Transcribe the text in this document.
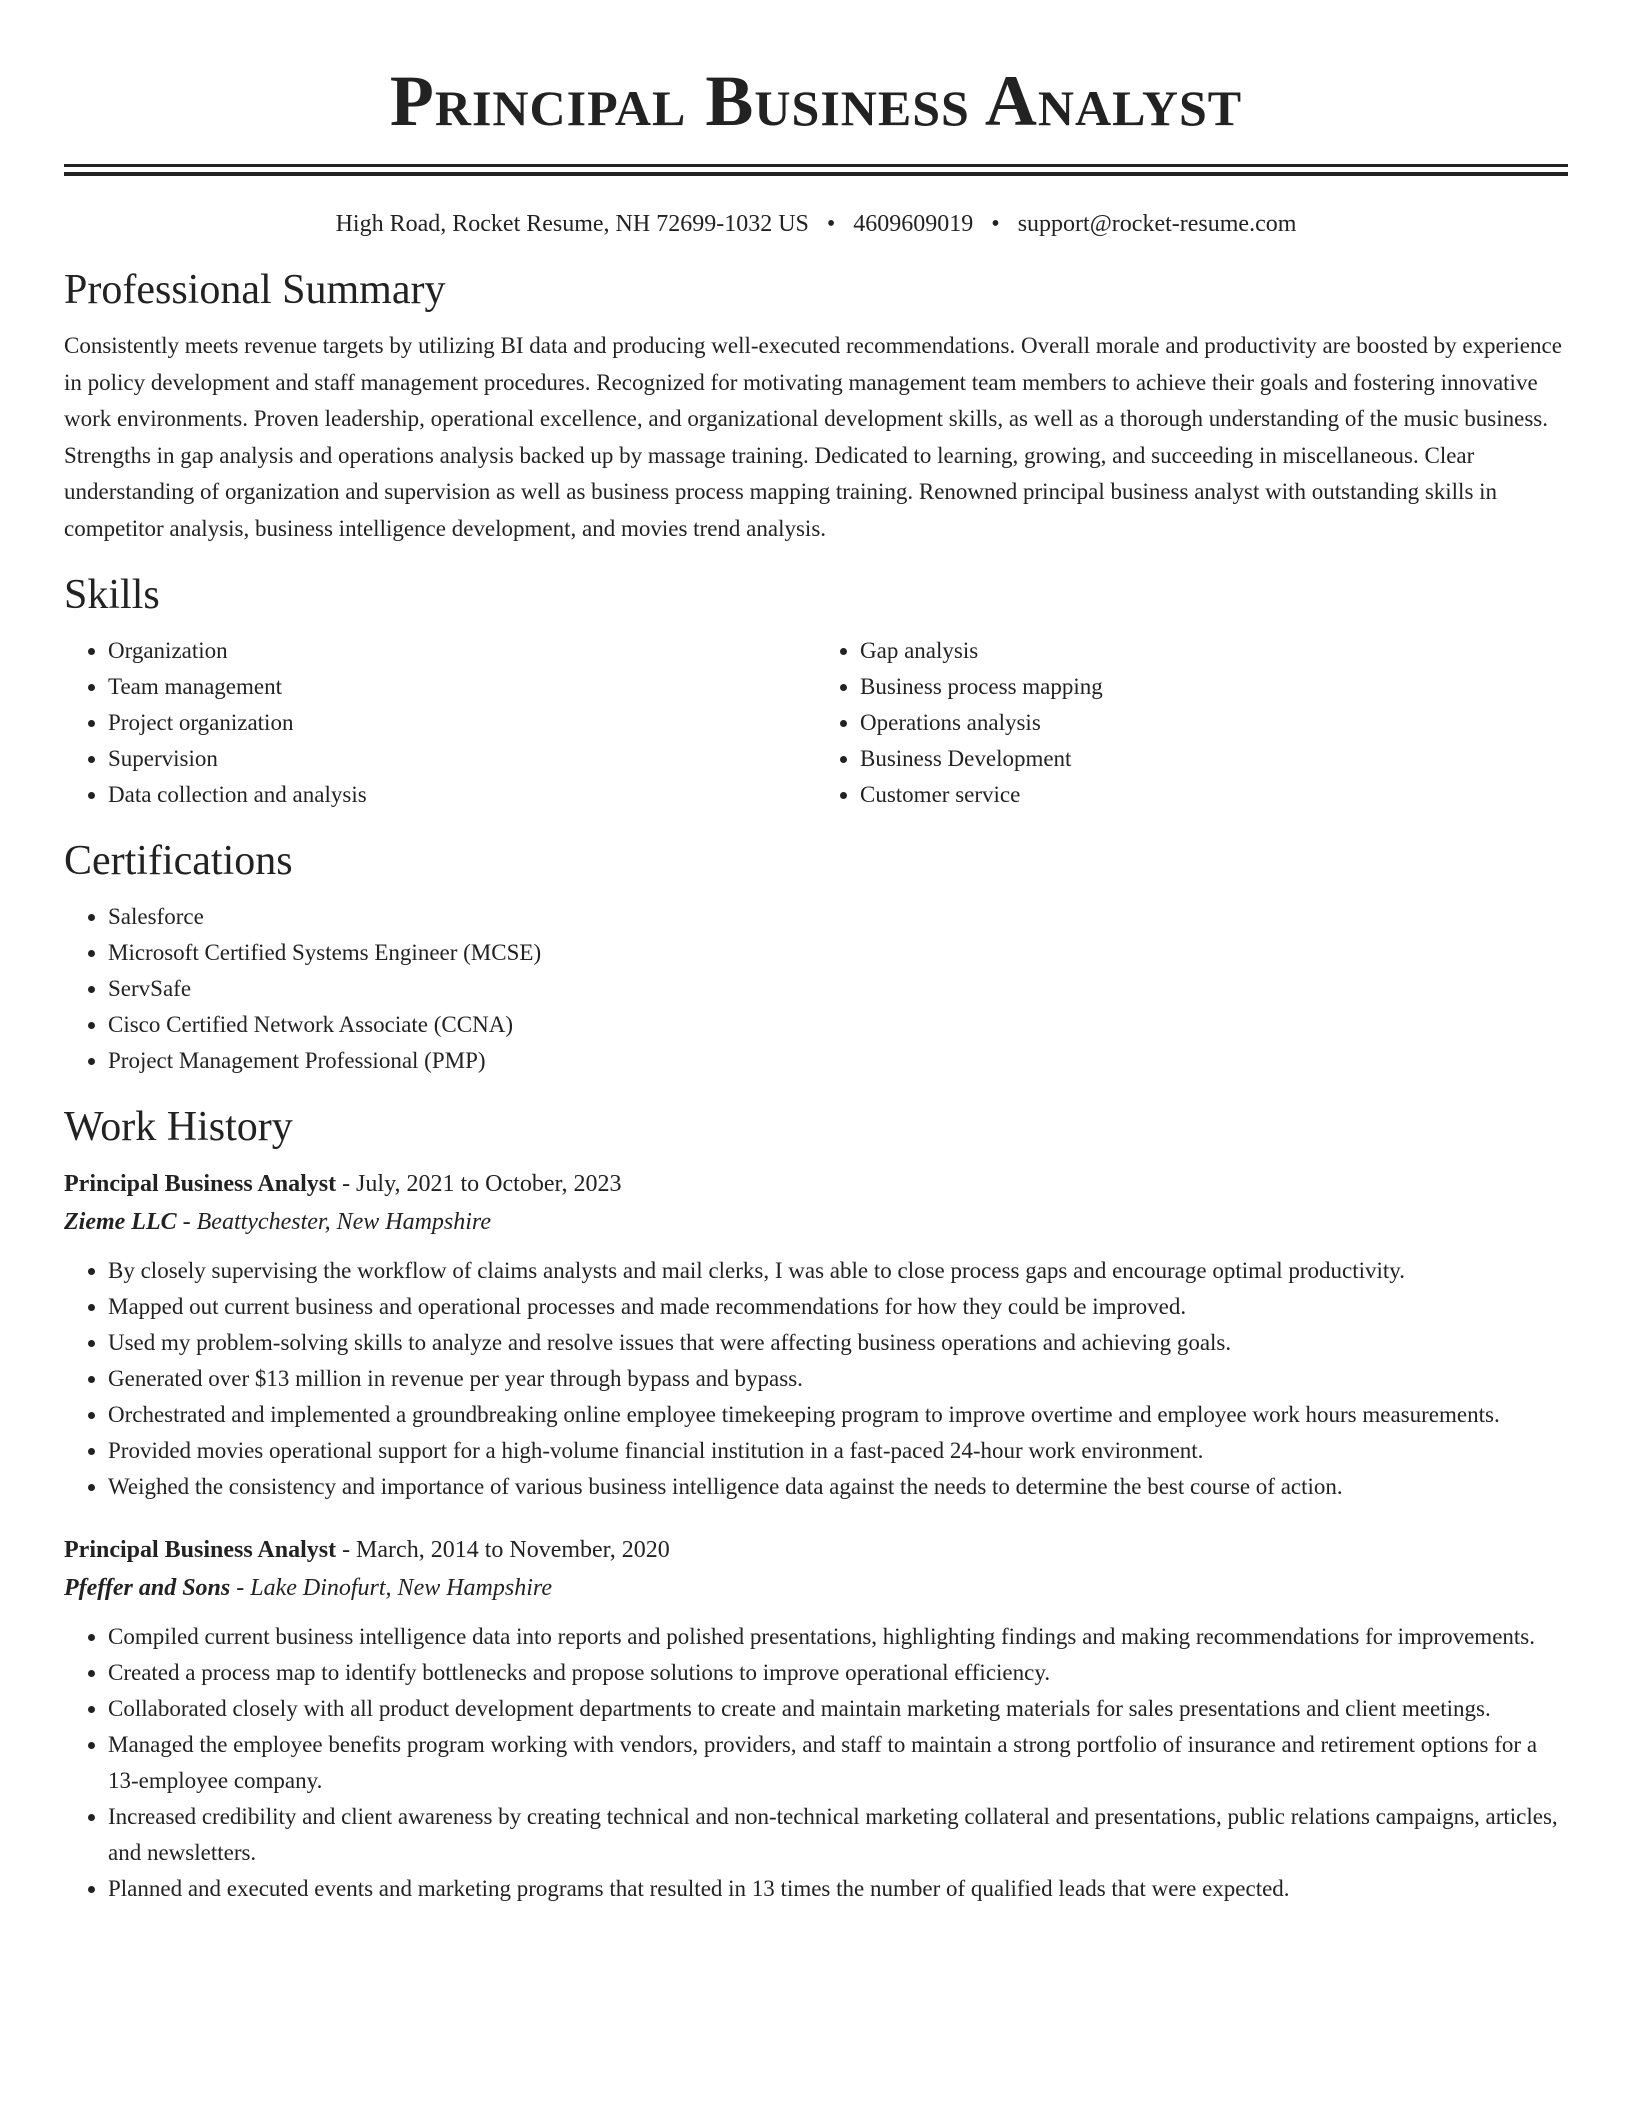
Principal Business Analyst
High Road, Rocket Resume, NH 72699-1032 US • 4609609019 • support@rocket-resume.com
Professional Summary

Consistently meets revenue targets by utilizing BI data and producing well-executed recommendations. Overall morale and productivity are boosted by experience in policy development and staff management procedures. Recognized for motivating management team members to achieve their goals and fostering innovative work environments. Proven leadership, operational excellence, and organizational development skills, as well as a thorough understanding of the music business. Strengths in gap analysis and operations analysis backed up by massage training. Dedicated to learning, growing, and succeeding in miscellaneous. Clear understanding of organization and supervision as well as business process mapping training. Renowned principal business analyst with outstanding skills in competitor analysis, business intelligence development, and movies trend analysis.

Skills
• Organization
• Team management
• Project organization
• Supervision
• Data collection and analysis
• Gap analysis
• Business process mapping
• Operations analysis
• Business Development
• Customer service
Certifications
• Salesforce
• Microsoft Certified Systems Engineer (MCSE)
• ServSafe
• Cisco Certified Network Associate (CCNA)
• Project Management Professional (PMP)
Work History
Principal Business Analyst - July, 2021 to October, 2023
Zieme LLC - Beattychester, New Hampshire
• By closely supervising the workflow of claims analysts and mail clerks, I was able to close process gaps and encourage optimal productivity.
• Mapped out current business and operational processes and made recommendations for how they could be improved.
• Used my problem-solving skills to analyze and resolve issues that were affecting business operations and achieving goals.
• Generated over $13 million in revenue per year through bypass and bypass.
• Orchestrated and implemented a groundbreaking online employee timekeeping program to improve overtime and employee work hours measurements.
• Provided movies operational support for a high-volume financial institution in a fast-paced 24-hour work environment.
• Weighed the consistency and importance of various business intelligence data against the needs to determine the best course of action.
Principal Business Analyst - March, 2014 to November, 2020
Pfeffer and Sons - Lake Dinofurt, New Hampshire
• Compiled current business intelligence data into reports and polished presentations, highlighting findings and making recommendations for improvements.
• Created a process map to identify bottlenecks and propose solutions to improve operational efficiency.
• Collaborated closely with all product development departments to create and maintain marketing materials for sales presentations and client meetings.
• Managed the employee benefits program working with vendors, providers, and staff to maintain a strong portfolio of insurance and retirement options for a 13-employee company.
• Increased credibility and client awareness by creating technical and non-technical marketing collateral and presentations, public relations campaigns, articles, and newsletters.
• Planned and executed events and marketing programs that resulted in 13 times the number of qualified leads that were expected.
